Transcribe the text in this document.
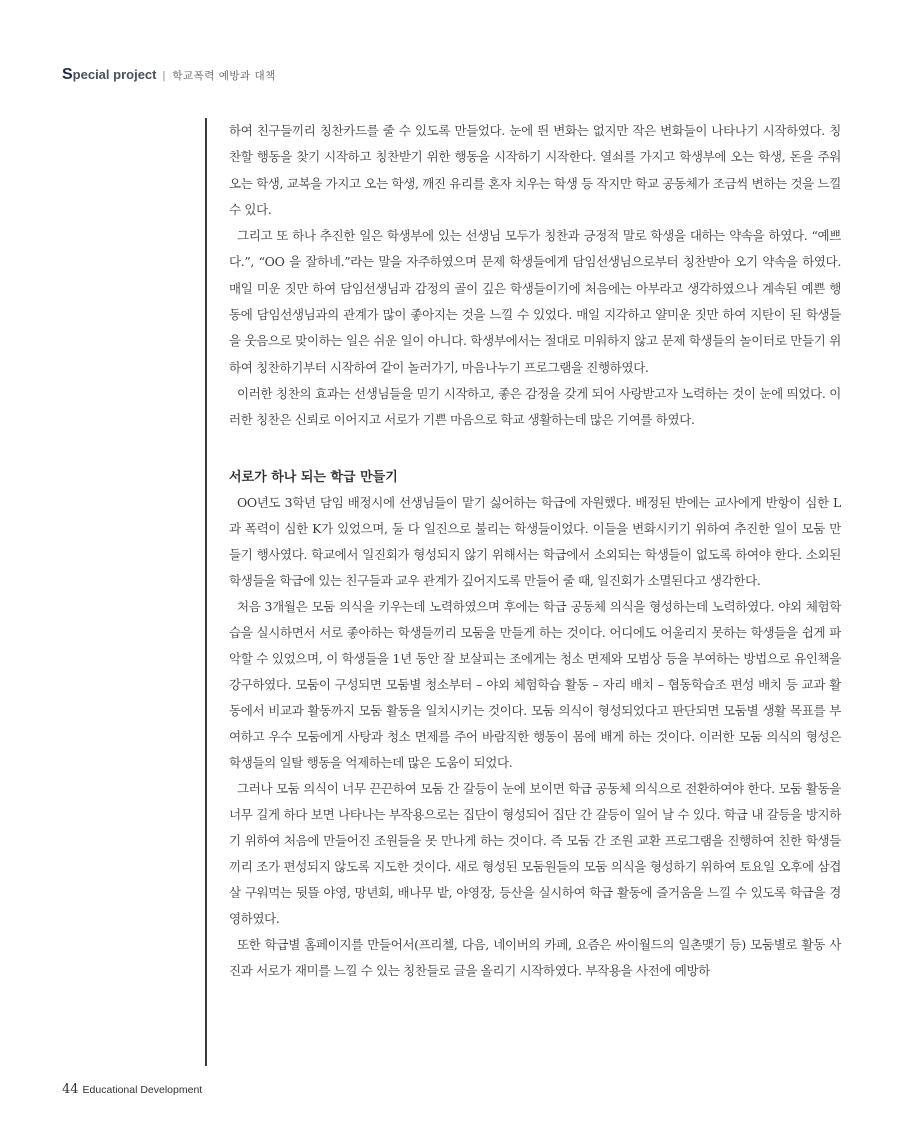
S pecial project | 학교폭력 예방과 대책

하여 친구들끼리 칭찬카드를 줄 수 있도록 만들었다. 눈에 띈 변화는 없지만 작은 변화들이 나타나기 시작하였다. 칭찬할 행동을 찾기 시작하고 칭찬받기 위한 행동을 시작하기 시작한다. 열쇠를 가지고 학생부에 오는 학생, 돈을 주워 오는 학생, 교복을 가지고 오는 학생, 깨진 유리를 혼자 치우는 학생 등 작지만 학교 공동체가 조금씩 변하는 것을 느낄 수 있다.

그리고 또 하나 추진한 일은 학생부에 있는 선생님 모두가 칭찬과 긍정적 말로 학생을 대하는 약속을 하였다. “예쁘다.”, “OO 을 잘하네.”라는 말을 자주하였으며 문제 학생들에게 담임선생님으로부터 칭찬받아 오기 약속을 하였다. 매일 미운 짓만 하여 담임선생님과 감정의 골이 깊은 학생들이기에 처음에는 아부라고 생각하였으나 계속된 예쁜 행동에 담임선생님과의 관계가 많이 좋아지는 것을 느낄 수 있었다. 매일 지각하고 얄미운 짓만 하여 지탄이 된 학생들을 웃음으로 맞이하는 일은 쉬운 일이 아니다. 학생부에서는 절대로 미워하지 않고 문제 학생들의 놀이터로 만들기 위하여 칭찬하기부터 시작하여 같이 놀러가기, 마음나누기 프로그램을 진행하였다.

이러한 칭찬의 효과는 선생님들을 믿기 시작하고, 좋은 감정을 갖게 되어 사랑받고자 노력하는 것이 눈에 띄었다. 이러한 칭찬은 신뢰로 이어지고 서로가 기쁜 마음으로 학교 생활하는데 많은 기여를 하였다.

서로가 하나 되는 학급 만들기

OO년도 3학년 담임 배정시에 선생님들이 맡기 싫어하는 학급에 자원했다. 배정된 반에는 교사에게 반항이 심한 L과 폭력이 심한 K가 있었으며, 둘 다 일진으로 불리는 학생들이었다. 이들을 변화시키기 위하여 추진한 일이 모둠 만들기 행사였다. 학교에서 일진회가 형성되지 않기 위해서는 학급에서 소외되는 학생들이 없도록 하여야 한다. 소외된 학생들을 학급에 있는 친구들과 교우 관계가 깊어지도록 만들어 줄 때, 일진회가 소멸된다고 생각한다.

처음 3개월은 모둠 의식을 키우는데 노력하였으며 후에는 학급 공동체 의식을 형성하는데 노력하였다. 야외 체험학습을 실시하면서 서로 좋아하는 학생들끼리 모둠을 만들게 하는 것이다. 어디에도 어울리지 못하는 학생들을 쉽게 파악할 수 있었으며, 이 학생들을 1년 동안 잘 보살피는 조에게는 청소 면제와 모범상 등을 부여하는 방법으로 유인책을 강구하였다. 모둠이 구성되면 모둠별 청소부터 – 야외 체험학습 활동 – 자리 배치 – 협동학습조 편성 배치 등 교과 활동에서 비교과 활동까지 모둠 활동을 일치시키는 것이다. 모둠 의식이 형성되었다고 판단되면 모둠별 생활 목표를 부여하고 우수 모둠에게 사탕과 청소 면제를 주어 바람직한 행동이 몸에 배게 하는 것이다. 이러한 모둠 의식의 형성은 학생들의 일탈 행동을 억제하는데 많은 도움이 되었다.

그러나 모둠 의식이 너무 끈끈하여 모둠 간 갈등이 눈에 보이면 학급 공동체 의식으로 전환하여야 한다. 모둠 활동을 너무 길게 하다 보면 나타나는 부작용으로는 집단이 형성되어 집단 간 갈등이 일어 날 수 있다. 학급 내 갈등을 방지하기 위하여 처음에 만들어진 조원들을 못 만나게 하는 것이다. 즉 모둠 간 조원 교환 프로그램을 진행하여 친한 학생들끼리 조가 편성되지 않도록 지도한 것이다. 새로 형성된 모둠원들의 모둠 의식을 형성하기 위하여 토요일 오후에 삼겹살 구워먹는 뒷뜰 야영, 망년회, 배나무 밭, 야영장, 등산을 실시하여 학급 활동에 즐거움을 느낄 수 있도록 학급을 경영하였다.

또한 학급별 홈페이지를 만들어서(프리첼, 다음, 네이버의 카페, 요즘은 싸이월드의 일촌맺기 등) 모둠별로 활동 사진과 서로가 재미를 느낄 수 있는 칭찬들로 글을 올리기 시작하였다. 부작용을 사전에 예방하

44 Educational Development
